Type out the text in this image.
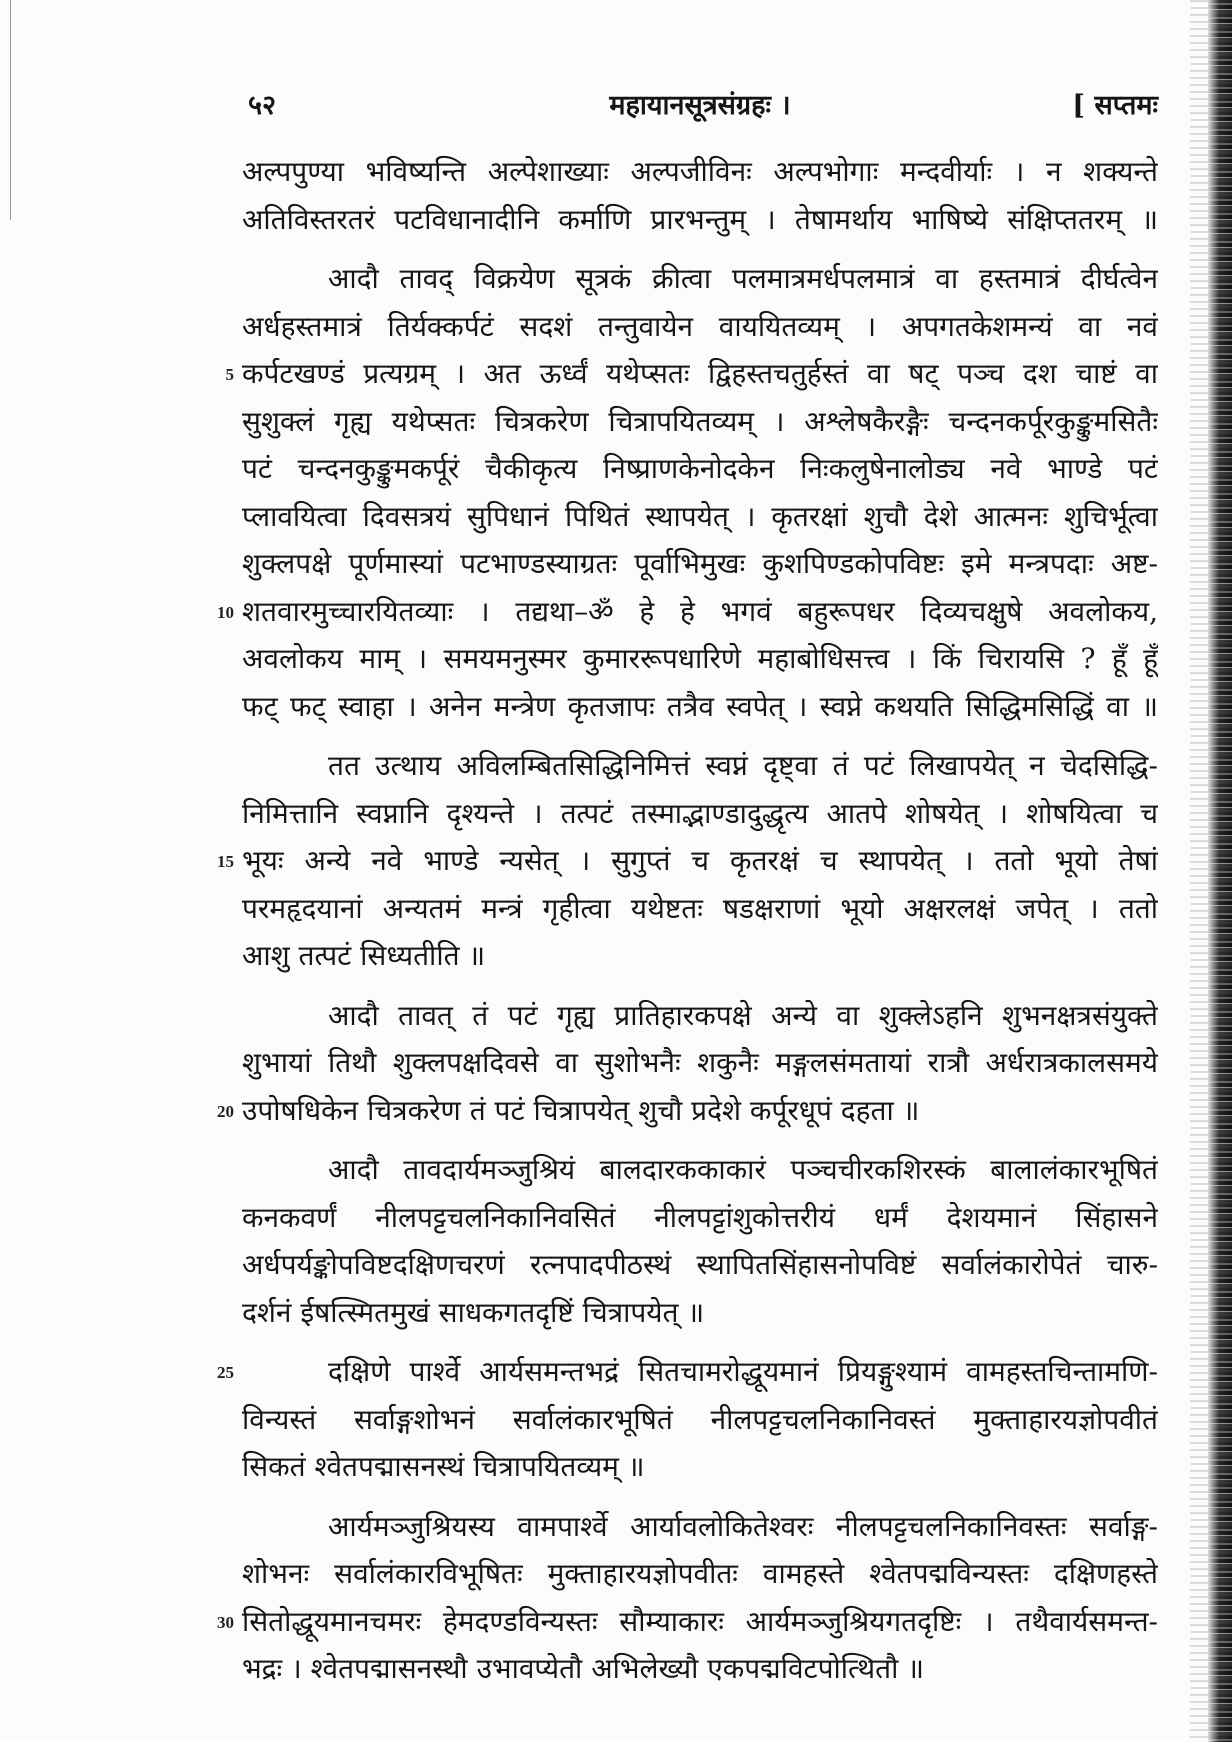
५२	महायानसूत्रसंग्रहः ।	[ सप्तमः
अल्पपुण्या भविष्यन्ति अल्पेशाख्याः अल्पजीविनः अल्पभोगाः मन्दवीर्याः । न शक्यन्ते
अतिविस्तरतरं पटविधानादीनि कर्माणि प्रारभन्तुम् । तेषामर्थाय भाषिष्ये संक्षिप्ततरम् ॥
आदौ तावद् विक्रयेण सूत्रकं क्रीत्वा पलमात्रमर्धपलमात्रं वा हस्तमात्रं दीर्घत्वेन
अर्धहस्तमात्रं तिर्यक्कर्पटं सदशं तन्तुवायेन वाययितव्यम् । अपगतकेशमन्यं वा नवं
5 कर्पटखण्डं प्रत्यग्रम् । अत ऊर्ध्वं यथेप्सतः द्विहस्तचतुर्हस्तं वा षट् पञ्च दश चाष्टं वा
सुशुक्लं गृह्य यथेप्सतः चित्रकरेण चित्रापयितव्यम् । अश्लेषकैरङ्गैः चन्दनकर्पूरकुङ्कुमसितैः
पटं चन्दनकुङ्कुमकर्पूरं चैकीकृत्य निष्प्राणकेनोदकेन निःकलुषेनालोड्य नवे भाण्डे पटं
प्लावयित्वा दिवसत्रयं सुपिधानं पिथितं स्थापयेत् । कृतरक्षां शुचौ देशे आत्मनः शुचिर्भूत्वा
शुक्लपक्षे पूर्णमास्यां पटभाण्डस्याग्रतः पूर्वाभिमुखः कुशपिण्डकोपविष्टः इमे मन्त्रपदाः अष्ट-
10 शतवारमुच्चारयितव्याः । तद्यथा–ॐ हे हे भगवं बहुरूपधर दिव्यचक्षुषे अवलोकय,
अवलोकय माम् । समयमनुस्मर कुमाररूपधारिणे महाबोधिसत्त्व । किं चिरायसि ? हूँ हूँ
फट् फट् स्वाहा । अनेन मन्त्रेण कृतजापः तत्रैव स्वपेत् । स्वप्ने कथयति सिद्धिमसिद्धिं वा ॥
तत उत्थाय अविलम्बितसिद्धिनिमित्तं स्वप्नं दृष्ट्वा तं पटं लिखापयेत् न चेदसिद्धि-
निमित्तानि स्वप्नानि दृश्यन्ते । तत्पटं तस्माद्भाण्डादुद्धृत्य आतपे शोषयेत् । शोषयित्वा च
15 भूयः अन्ये नवे भाण्डे न्यसेत् । सुगुप्तं च कृतरक्षं च स्थापयेत् । ततो भूयो तेषां
परमहृदयानां अन्यतमं मन्त्रं गृहीत्वा यथेष्टतः षडक्षराणां भूयो अक्षरलक्षं जपेत् । ततो
आशु तत्पटं सिध्यतीति ॥
आदौ तावत् तं पटं गृह्य प्रातिहारकपक्षे अन्ये वा शुक्लेऽहनि शुभनक्षत्रसंयुक्ते
शुभायां तिथौ शुक्लपक्षदिवसे वा सुशोभनैः शकुनैः मङ्गलसंमतायां रात्रौ अर्धरात्रकालसमये
20 उपोषधिकेन चित्रकरेण तं पटं चित्रापयेत् शुचौ प्रदेशे कर्पूरधूपं दहता ॥
आदौ तावदार्यमञ्जुश्रियं बालदारककाकारं पञ्चचीरकशिरस्कं बालालंकारभूषितं
कनकवर्णं नीलपट्टचलनिकानिवसितं नीलपट्टांशुकोत्तरीयं धर्मं देशयमानं सिंहासने
अर्धपर्यङ्कोपविष्टदक्षिणचरणं रत्नपादपीठस्थं स्थापितसिंहासनोपविष्टं सर्वालंकारोपेतं चारु-
दर्शनं ईषत्स्मितमुखं साधकगतदृष्टिं चित्रापयेत् ॥
25	दक्षिणे पार्श्वे आर्यसमन्तभद्रं सितचामरोद्धूयमानं प्रियङ्गुश्यामं वामहस्तचिन्तामणि-
विन्यस्तं सर्वाङ्गशोभनं सर्वालंकारभूषितं नीलपट्टचलनिकानिवस्तं मुक्ताहारयज्ञोपवीतं
सिकतं श्वेतपद्मासनस्थं चित्रापयितव्यम् ॥
आर्यमञ्जुश्रियस्य वामपार्श्वे आर्यावलोकितेश्वरः नीलपट्टचलनिकानिवस्तः सर्वाङ्ग-
शोभनः सर्वालंकारविभूषितः मुक्ताहारयज्ञोपवीतः वामहस्ते श्वेतपद्मविन्यस्तः दक्षिणहस्ते
30 सितोद्धूयमानचमरः हेमदण्डविन्यस्तः सौम्याकारः आर्यमञ्जुश्रियगतदृष्टिः । तथैवार्यसमन्त-
भद्रः । श्वेतपद्मासनस्थौ उभावप्येतौ अभिलेख्यौ एकपद्मविटपोत्थितौ ॥
